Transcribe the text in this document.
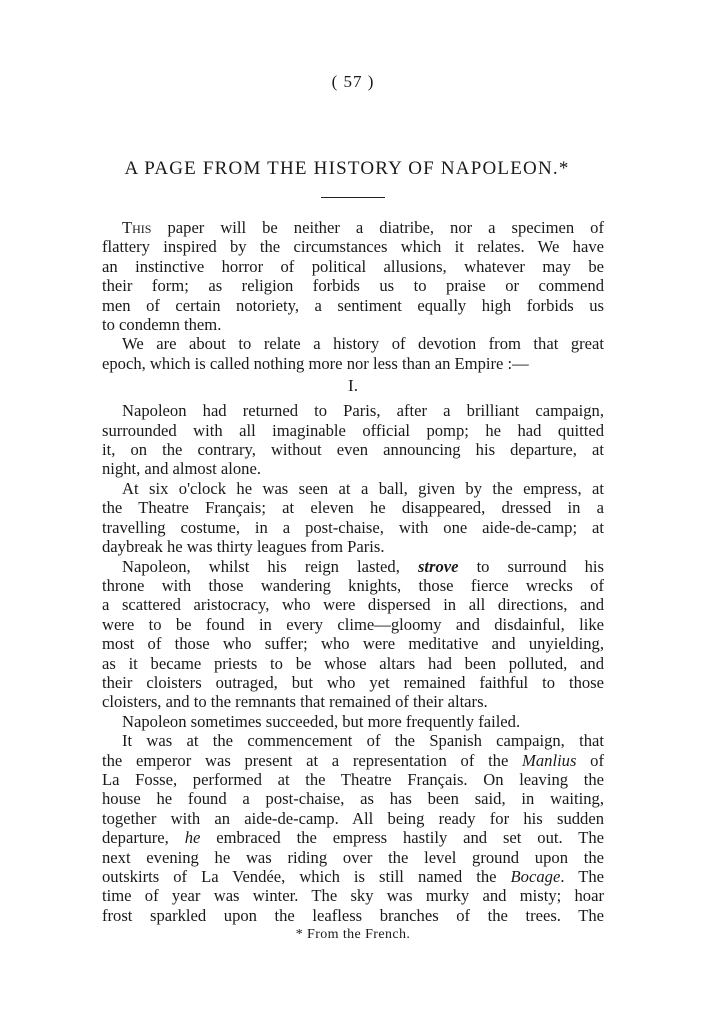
( 57 )
A PAGE FROM THE HISTORY OF NAPOLEON.*
This paper will be neither a diatribe, nor a specimen of
flattery inspired by the circumstances which it relates. We have
an instinctive horror of political allusions, whatever may be
their form; as religion forbids us to praise or commend
men of certain notoriety, a sentiment equally high forbids us
to condemn them.
We are about to relate a history of devotion from that great
epoch, which is called nothing more nor less than an Empire :—
I.
Napoleon had returned to Paris, after a brilliant campaign,
surrounded with all imaginable official pomp; he had quitted
it, on the contrary, without even announcing his departure, at
night, and almost alone.
At six o'clock he was seen at a ball, given by the empress, at
the Theatre Français; at eleven he disappeared, dressed in a
travelling costume, in a post-chaise, with one aide-de-camp; at
daybreak he was thirty leagues from Paris.
Napoleon, whilst his reign lasted, strove to surround his
throne with those wandering knights, those fierce wrecks of
a scattered aristocracy, who were dispersed in all directions, and
were to be found in every clime—gloomy and disdainful, like
most of those who suffer; who were meditative and unyielding,
as it became priests to be whose altars had been polluted, and
their cloisters outraged, but who yet remained faithful to those
cloisters, and to the remnants that remained of their altars.
Napoleon sometimes succeeded, but more frequently failed.
It was at the commencement of the Spanish campaign, that
the emperor was present at a representation of the Manlius of
La Fosse, performed at the Theatre Français. On leaving the
house he found a post-chaise, as has been said, in waiting,
together with an aide-de-camp. All being ready for his sudden
departure, he embraced the empress hastily and set out. The
next evening he was riding over the level ground upon the
outskirts of La Vendée, which is still named the Bocage. The
time of year was winter. The sky was murky and misty; hoar
frost sparkled upon the leafless branches of the trees. The
* From the French.
